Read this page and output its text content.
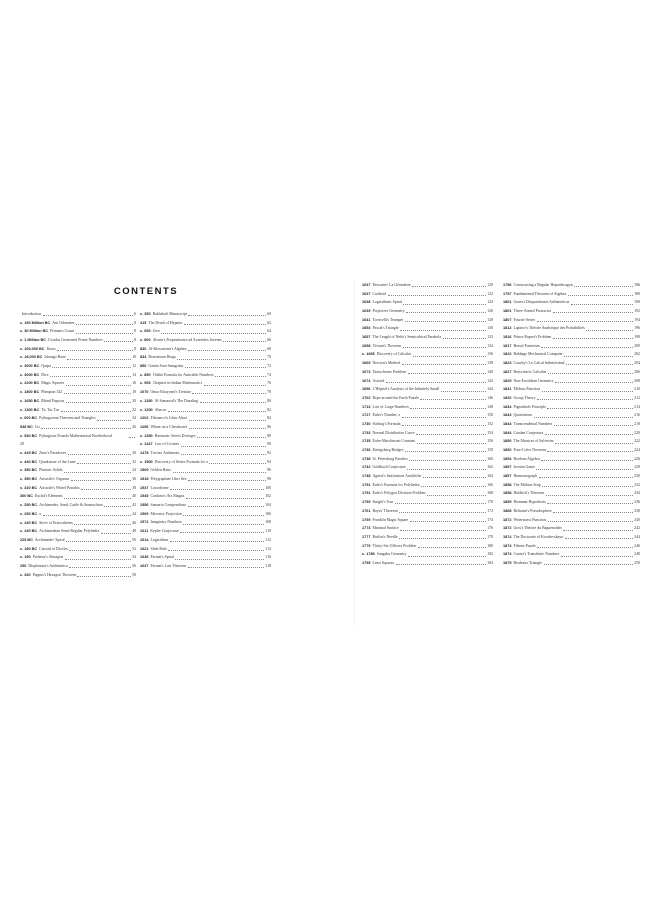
CONTENTS
Introduction	6
c. 150 Million BC Ant Odometer	8
c. 30 Million BC Primates Count	8
c. 1 Million BC Cicadas Generated Prime Numbers	8
c. 100,000 BC Knots	8
c. 18,000 BC Ishango Bone	10
c. 3000 BC Quipu	12
c. 3000 BC Dice	14
c. 2200 BC Magic Squares	16
c. 1800 BC Plimpton 322	18
c. 1650 BC Rhind Papyrus	20
c. 1300 BC Tic Tac Toe	22
c. 600 BC Pythagorean Theorem and Triangles	24
548 BC Go	26
c. 530 BC Pythagoras Founds Mathematical Brotherhood
28
c. 445 BC Zeno's Paradoxes	30
c. 440 BC Quadrature of the Lune	32
c. 350 BC Platonic Solids	34
c. 350 BC Aristotle's Organon	36
c. 320 BC Aristotle's Wheel Paradox	38
300 BC Euclid's Elements	40
c. 250 BC Archimedes: Sand, Cattle & Stomachion	42
c. 250 BC π	44
c. 240 BC Sieve of Eratosthenes	46
c. 240 BC Archimedean Semi-Regular Polyhedra	48
225 BC Archimedes' Spiral	50
c. 180 BC Cissoid of Diocles	52
c. 150 Ptolemy's Almagest	54
250 Diophantus's Arithmetica	56
c. 340 Pappus's Hexagon Theorem	58
c. 350 Bakhshali Manuscript	60
415 The Death of Hypatia	62
c. 650 Zero	64
c. 800 Alcuin's Propositiones ad Acuendos Juvenes	66
830 Al-Khwarizmi's Algebra	68
834 Borromean Rings	70
850 Ganita Sara Samgraha	72
c. 850 Thābit Formula for Amicable Numbers	74
c. 953 Chapters in Indian Mathematics	76
1070 Omar Khayyam's Treatise	78
c. 1150 Al-Samawal's The Dazzling	80
c. 1200 Abacus	82
1202 Fibonacci's Liber Abaci	84
1256 Wheat on a Chessboard	86
c. 1350 Harmonic Series Diverges	88
c. 1427 Law of Cosines	90
1478 Treviso Arithmetic	92
c. 1500 Discovery of Series Formula for π	94
1509 Golden Ratio	96
1518 Polygraphiae Libri Sex	98
1537 Loxodrome	100
1545 Cardano's Ars Magna	102
1556 Sumario Compendioso	104
1569 Mercator Projection	106
1572 Imaginary Numbers	108
1611 Kepler Conjecture	110
1614 Logarithms	112
1621 Slide Rule	114
1636 Fermat's Spiral	116
1637 Fermat's Last Theorem	118
1637 Descartes' La Géométrie	120
1637 Cardioid	122
1638 Logarithmic Spiral	124
1639 Projective Geometry	126
1641 Torricelli's Trumpet	128
1654 Pascal's Triangle	130
1657 The Length of Neile's Semicubical Parabola	132
1658 Viviani's Theorem	134
c. 1665 Discovery of Calculus	136
1669 Newton's Method	138
1673 Tautochrone Problem	140
1674 Astroid	142
1696 L'Hôpital's Analysis of the Infinitely Small	144
1702 Rope around the Earth Puzzle	146
1713 Law of Large Numbers	148
1727 Euler's Number, e	150
1730 Stirling's Formula	152
1733 Normal Distribution Curve	154
1735 Euler-Mascheroni Constant	156
1736 Königsberg Bridges	158
1738 St. Petersburg Paradox	160
1742 Goldbach Conjecture	162
1748 Agnesi's Instituzioni Analitiche	164
1751 Euler's Formula for Polyhedra	166
1751 Euler's Polygon Division Problem	168
1759 Knight's Tour	170
1761 Bayes' Theorem	172
1769 Franklin Magic Square	174
1774 Minimal Surface	176
1777 Buffon's Needle	178
1779 Thirty-Six Officers Problem	180
c. 1789 Sangaku Geometry	182
1795 Least Squares	184
1796 Constructing a Regular Heptadecagon	186
1797 Fundamental Theorem of Algebra	188
1801 Gauss's Disquisitiones Arithmeticae	190
1801 Three-Armed Protractor	192
1807 Fourier Series	194
1812 Laplace's Théorie Analytique des Probabilités	196
1816 Prince Rupert's Problem	198
1817 Bessel Functions	200
1822 Babbage Mechanical Computer	202
1823 Cauchy's Le Calcul Infinitésimal	204
1827 Barycentric Calculus	206
1829 Non-Euclidean Geometry	208
1831 Möbius Function	210
1832 Group Theory	212
1834 Pigeonhole Principle	214
1843 Quaternions	216
1844 Transcendental Numbers	218
1844 Catalan Conjecture	220
1850 The Matrices of Sylvester	222
1852 Four-Color Theorem	224
1854 Boolean Algebra	226
1857 Icosian Game	228
1857 Harmonograph	230
1858 The Möbius Strip	232
1858 Holditch's Theorem	234
1859 Riemann Hypothesis	236
1868 Beltrami's Pseudosphere	238
1872 Weierstrass Function	240
1872 Gros's Théorie du Baguenodier	242
1874 The Doctorate of Kovalevskaya	244
1874 Fifteen Puzzle	246
1874 Cantor's Transfinite Numbers	248
1875 Reuleaux Triangle	250
